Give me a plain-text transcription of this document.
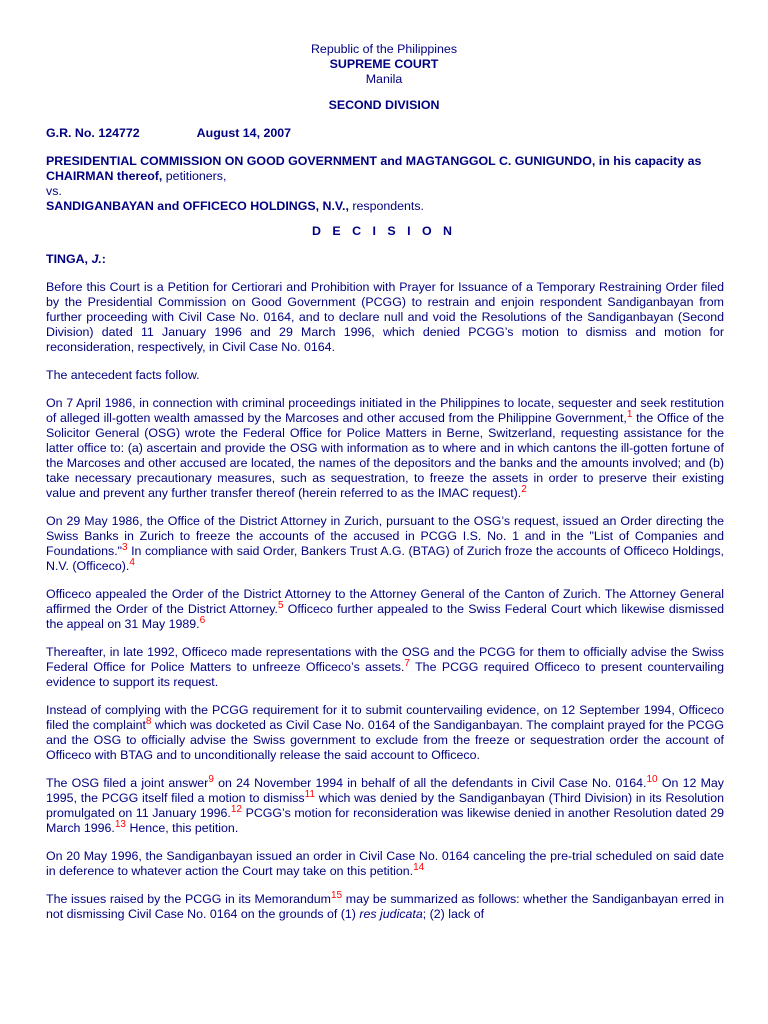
Republic of the Philippines
SUPREME COURT
Manila
SECOND DIVISION
G.R. No. 124772	August 14, 2007

PRESIDENTIAL COMMISSION ON GOOD GOVERNMENT and MAGTANGGOL C. GUNIGUNDO, in his capacity as CHAIRMAN thereof, petitioners,

vs.

SANDIGANBAYAN and OFFICECO HOLDINGS, N.V., respondents.

D E C I S I O N
TINGA, J.:

Before this Court is a Petition for Certiorari and Prohibition with Prayer for Issuance of a Temporary Restraining Order filed by the Presidential Commission on Good Government (PCGG) to restrain and enjoin respondent Sandiganbayan from further proceeding with Civil Case No. 0164, and to declare null and void the Resolutions of the Sandiganbayan (Second Division) dated 11 January 1996 and 29 March 1996, which denied PCGG’s motion to dismiss and motion for reconsideration, respectively, in Civil Case No. 0164.

The antecedent facts follow.

On 7 April 1986, in connection with criminal proceedings initiated in the Philippines to locate, sequester and seek restitution of alleged ill-gotten wealth amassed by the Marcoses and other accused from the Philippine Government,$^1$ the Office of the Solicitor General (OSG) wrote the Federal Office for Police Matters in Berne, Switzerland, requesting assistance for the latter office to: (a) ascertain and provide the OSG with information as to where and in which cantons the ill-gotten fortune of the Marcoses and other accused are located, the names of the depositors and the banks and the amounts involved; and (b) take necessary precautionary measures, such as sequestration, to freeze the assets in order to preserve their existing value and prevent any further transfer thereof (herein referred to as the IMAC request).$^2$

On 29 May 1986, the Office of the District Attorney in Zurich, pursuant to the OSG’s request, issued an Order directing the Swiss Banks in Zurich to freeze the accounts of the accused in PCGG I.S. No. 1 and in the "List of Companies and Foundations."$^3$ In compliance with said Order, Bankers Trust A.G. (BTAG) of Zurich froze the accounts of Officeco Holdings, N.V. (Officeco).$^4$

Officeco appealed the Order of the District Attorney to the Attorney General of the Canton of Zurich. The Attorney General affirmed the Order of the District Attorney.$^5$ Officeco further appealed to the Swiss Federal Court which likewise dismissed the appeal on 31 May 1989.$^6$

Thereafter, in late 1992, Officeco made representations with the OSG and the PCGG for them to officially advise the Swiss Federal Office for Police Matters to unfreeze Officeco’s assets.$^7$ The PCGG required Officeco to present countervailing evidence to support its request.

Instead of complying with the PCGG requirement for it to submit countervailing evidence, on 12 September 1994, Officeco filed the complaint$^8$ which was docketed as Civil Case No. 0164 of the Sandiganbayan. The complaint prayed for the PCGG and the OSG to officially advise the Swiss government to exclude from the freeze or sequestration order the account of Officeco with BTAG and to unconditionally release the said account to Officeco.

The OSG filed a joint answer$^9$ on 24 November 1994 in behalf of all the defendants in Civil Case No. 0164.10 On 12 May 1995, the PCGG itself filed a motion to dismiss$^{11}$ which was denied by the Sandiganbayan (Third Division) in its Resolution promulgated on 11 January 1996.12 PCGG’s motion for reconsideration was likewise denied in another Resolution dated 29 March 1996.13 Hence, this petition.

On 20 May 1996, the Sandiganbayan issued an order in Civil Case No. 0164 canceling the pre-trial scheduled on said date in deference to whatever action the Court may take on this petition.$^{14}$

The issues raised by the PCGG in its Memorandum$^{15}$ may be summarized as follows: whether the Sandiganbayan erred in not dismissing Civil Case No. 0164 on the grounds of (1) res judicata; (2) lack of
